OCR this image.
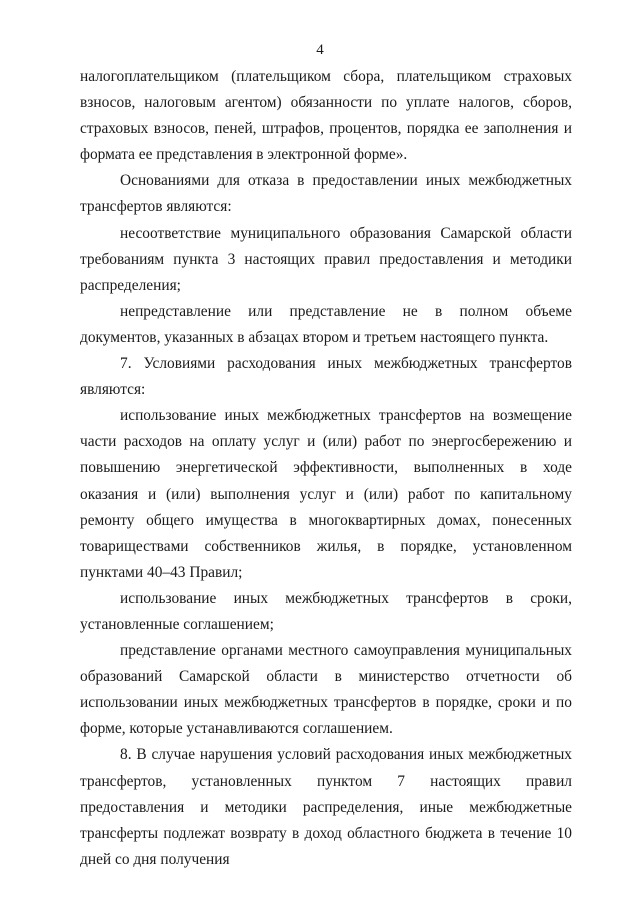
4

налогоплательщиком (плательщиком сбора, плательщиком страховых взносов, налоговым агентом) обязанности по уплате налогов, сборов, страховых взносов, пеней, штрафов, процентов, порядка ее заполнения и формата ее представления в электронной форме».

Основаниями для отказа в предоставлении иных межбюджетных трансфертов являются:

несоответствие муниципального образования Самарской области требованиям пункта 3 настоящих правил предоставления и методики распределения;

непредставление или представление не в полном объеме документов, указанных в абзацах втором и третьем настоящего пункта.

7. Условиями расходования иных межбюджетных трансфертов являются:

использование иных межбюджетных трансфертов на возмещение части расходов на оплату услуг и (или) работ по энергосбережению и повышению энергетической эффективности, выполненных в ходе оказания и (или) выполнения услуг и (или) работ по капитальному ремонту общего имущества в многоквартирных домах, понесенных товариществами собственников жилья, в порядке, установленном пунктами 40–43 Правил;

использование иных межбюджетных трансфертов в сроки, установленные соглашением;

представление органами местного самоуправления муниципальных образований Самарской области в министерство отчетности об использовании иных межбюджетных трансфертов в порядке, сроки и по форме, которые устанавливаются соглашением.

8. В случае нарушения условий расходования иных межбюджетных трансфертов, установленных пунктом 7 настоящих правил предоставления и методики распределения, иные межбюджетные трансферты подлежат возврату в доход областного бюджета в течение 10 дней со дня получения
